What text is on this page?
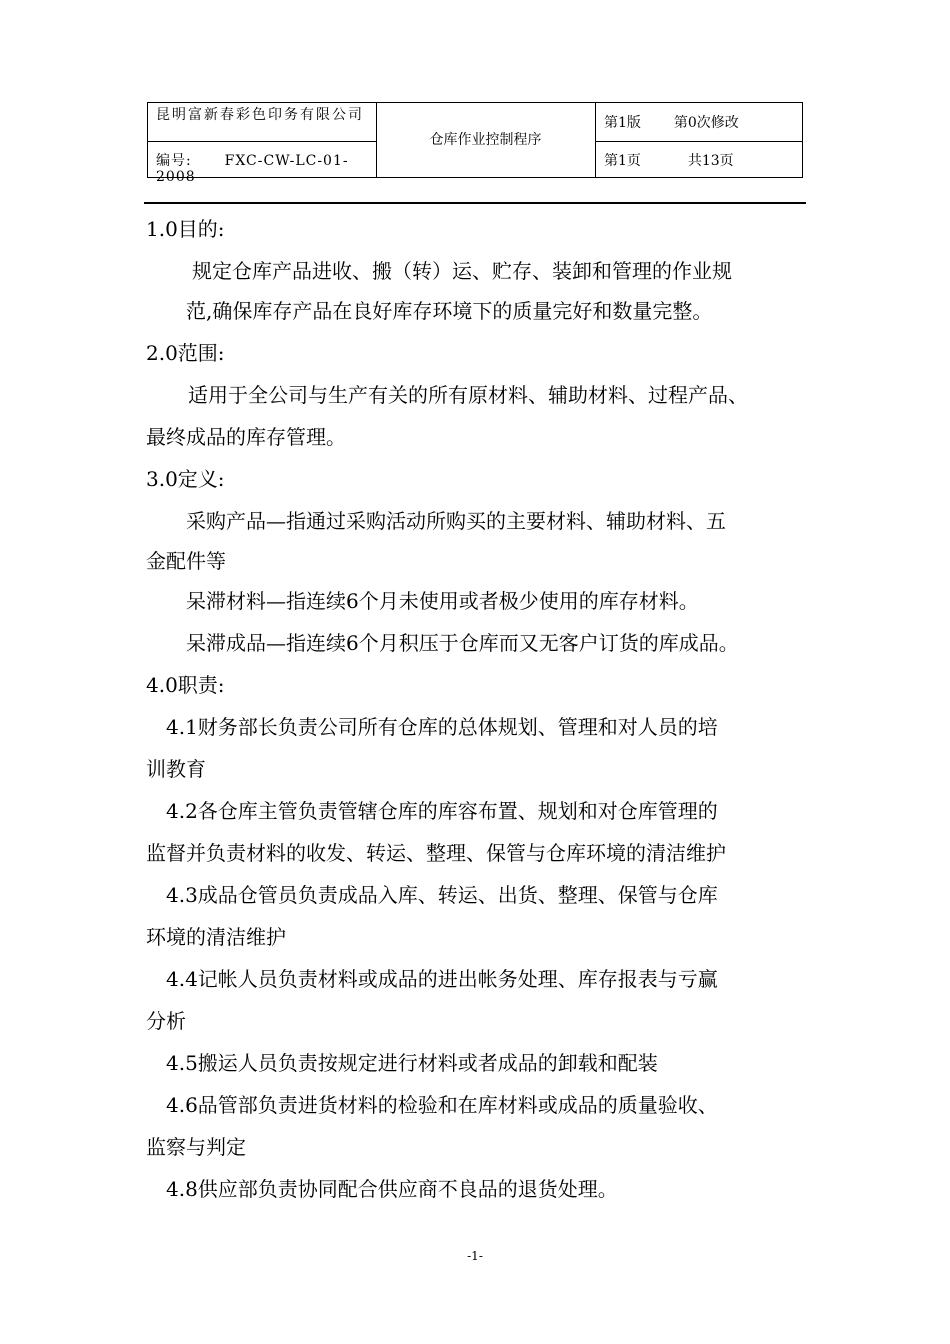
昆明富新春彩色印务有限公司
编号: FXC-CW-LC-01-2008
仓库作业控制程序
第1版 第0次修改
第1页	共13页

1.0目的:

规定仓库产品进收、搬（转）运、贮存、装卸和管理的作业规

范,确保库存产品在良好库存环境下的质量完好和数量完整。

2.0范围:

适用于全公司与生产有关的所有原材料、辅助材料、过程产品、

最终成品的库存管理。

3.0定义:

采购产品—指通过采购活动所购买的主要材料、辅助材料、五

金配件等

呆滞材料—指连续6个月未使用或者极少使用的库存材料。

呆滞成品—指连续6个月积压于仓库而又无客户订货的库成品。

4.0职责:

4.1财务部长负责公司所有仓库的总体规划、管理和对人员的培

训教育

4.2各仓库主管负责管辖仓库的库容布置、规划和对仓库管理的

监督并负责材料的收发、转运、整理、保管与仓库环境的清洁维护

4.3成品仓管员负责成品入库、转运、出货、整理、保管与仓库

环境的清洁维护

4.4记帐人员负责材料或成品的进出帐务处理、库存报表与亏赢

分析

4.5搬运人员负责按规定进行材料或者成品的卸载和配装

4.6品管部负责进货材料的检验和在库材料或成品的质量验收、

监察与判定

4.8供应部负责协同配合供应商不良品的退货处理。

-1-
